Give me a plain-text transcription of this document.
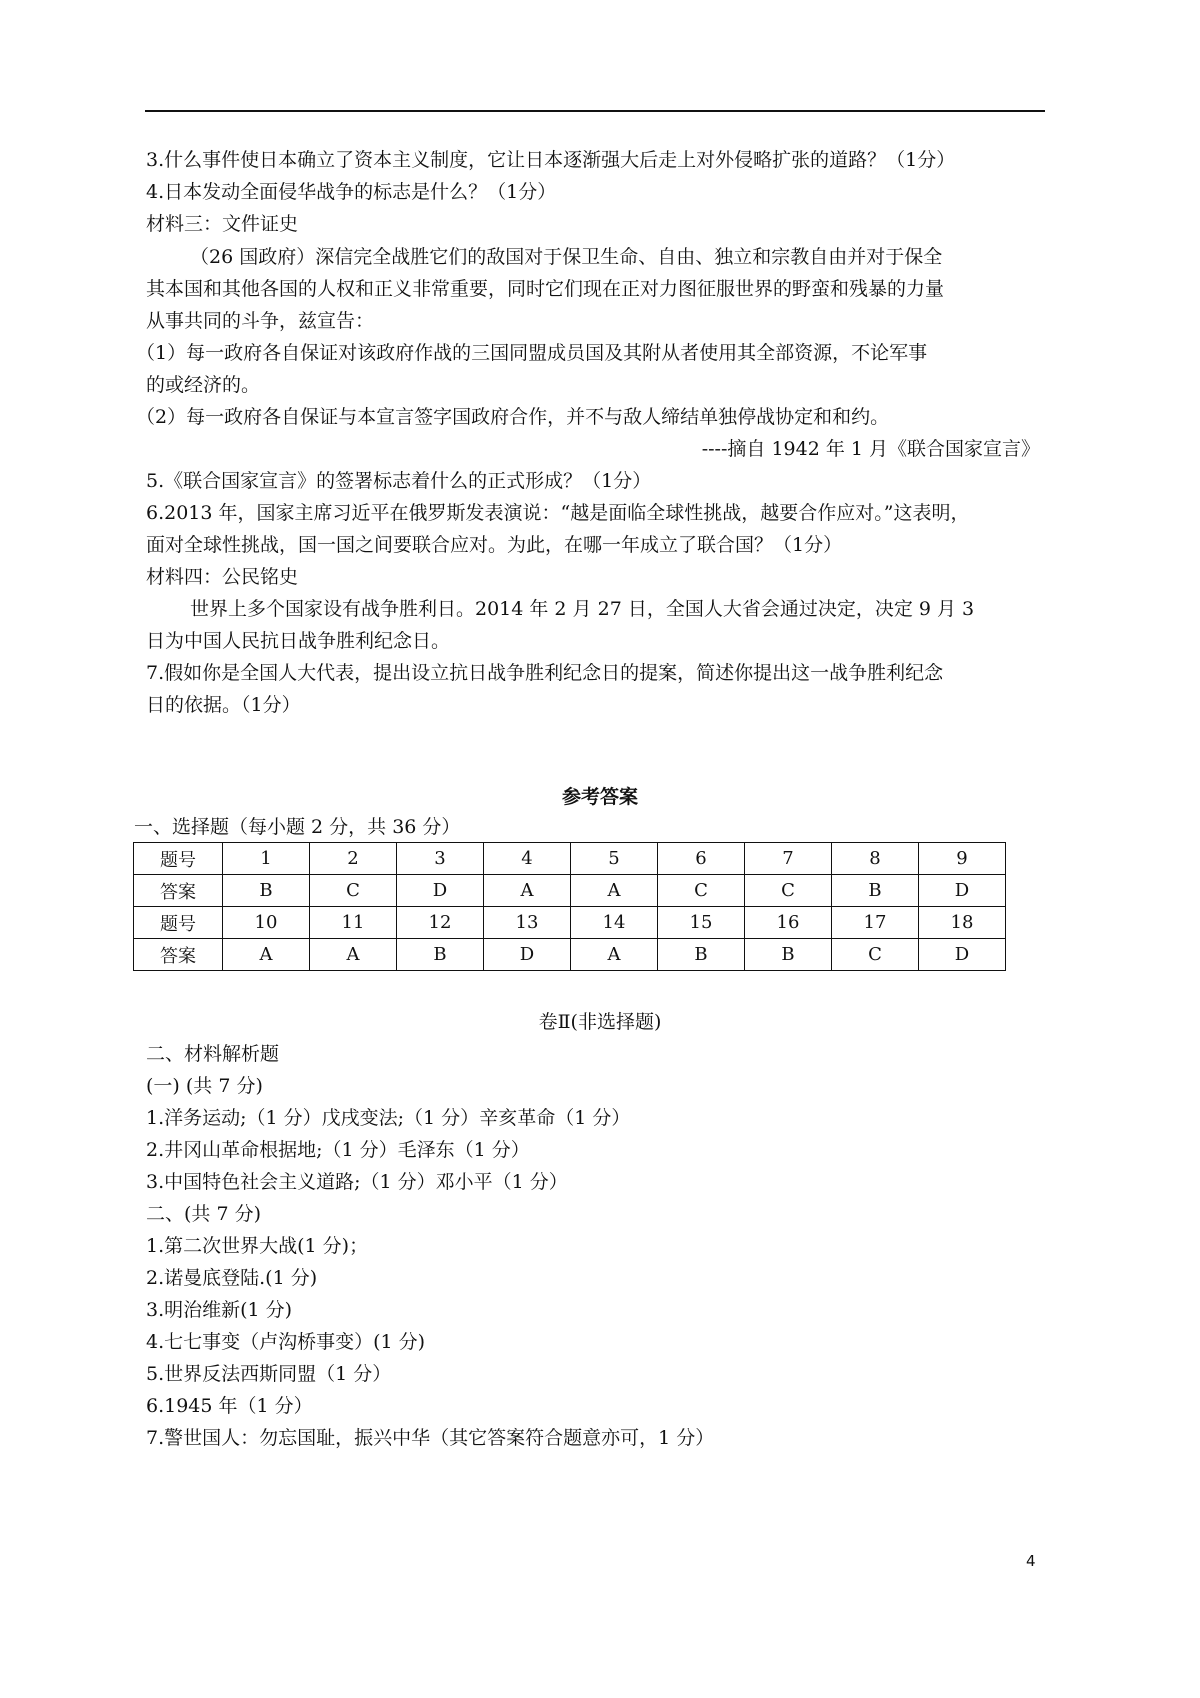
3.什么事件使日本确立了资本主义制度，它让日本逐渐强大后走上对外侵略扩张的道路？（1分）
4.日本发动全面侵华战争的标志是什么？（1分）
材料三：文件证史
（26 国政府）深信完全战胜它们的敌国对于保卫生命、自由、独立和宗教自由并对于保全
其本国和其他各国的人权和正义非常重要，同时它们现在正对力图征服世界的野蛮和残暴的力量
从事共同的斗争，兹宣告：
（1）每一政府各自保证对该政府作战的三国同盟成员国及其附从者使用其全部资源，不论军事
的或经济的。
（2）每一政府各自保证与本宣言签字国政府合作，并不与敌人缔结单独停战协定和和约。
----摘自 1942 年 1 月《联合国家宣言》
5.《联合国家宣言》的签署标志着什么的正式形成？（1分）
6.2013 年，国家主席习近平在俄罗斯发表演说：“越是面临全球性挑战，越要合作应对。”这表明，
面对全球性挑战，国一国之间要联合应对。为此，在哪一年成立了联合国？（1分）
材料四：公民铭史
世界上多个国家设有战争胜利日。2014 年 2 月 27 日，全国人大省会通过决定，决定 9 月 3
日为中国人民抗日战争胜利纪念日。
7.假如你是全国人大代表，提出设立抗日战争胜利纪念日的提案，简述你提出这一战争胜利纪念
日的依据。（1分）
参考答案
一、选择题（每小题 2 分，共 36 分）
题号	1	2	3	4	5	6	7	8	9
答案	B	C	D	A	A	C	C	B	D
题号	10	11	12	13	14	15	16	17	18
答案	A	A	B	D	A	B	B	C	D
卷Ⅱ(非选择题)
二、材料解析题
(一) (共 7 分)
1.洋务运动;（1 分）戊戌变法;（1 分）辛亥革命（1 分）
2.井冈山革命根据地;（1 分）毛泽东（1 分）
3.中国特色社会主义道路;（1 分）邓小平（1 分）
二、(共 7 分)
1.第二次世界大战(1 分)；
2.诺曼底登陆.(1 分)
3.明治维新(1 分)
4.七七事变（卢沟桥事变）(1 分)
5.世界反法西斯同盟（1 分）
6.1945 年（1 分）
7.警世国人：勿忘国耻，振兴中华（其它答案符合题意亦可，1 分）
4
